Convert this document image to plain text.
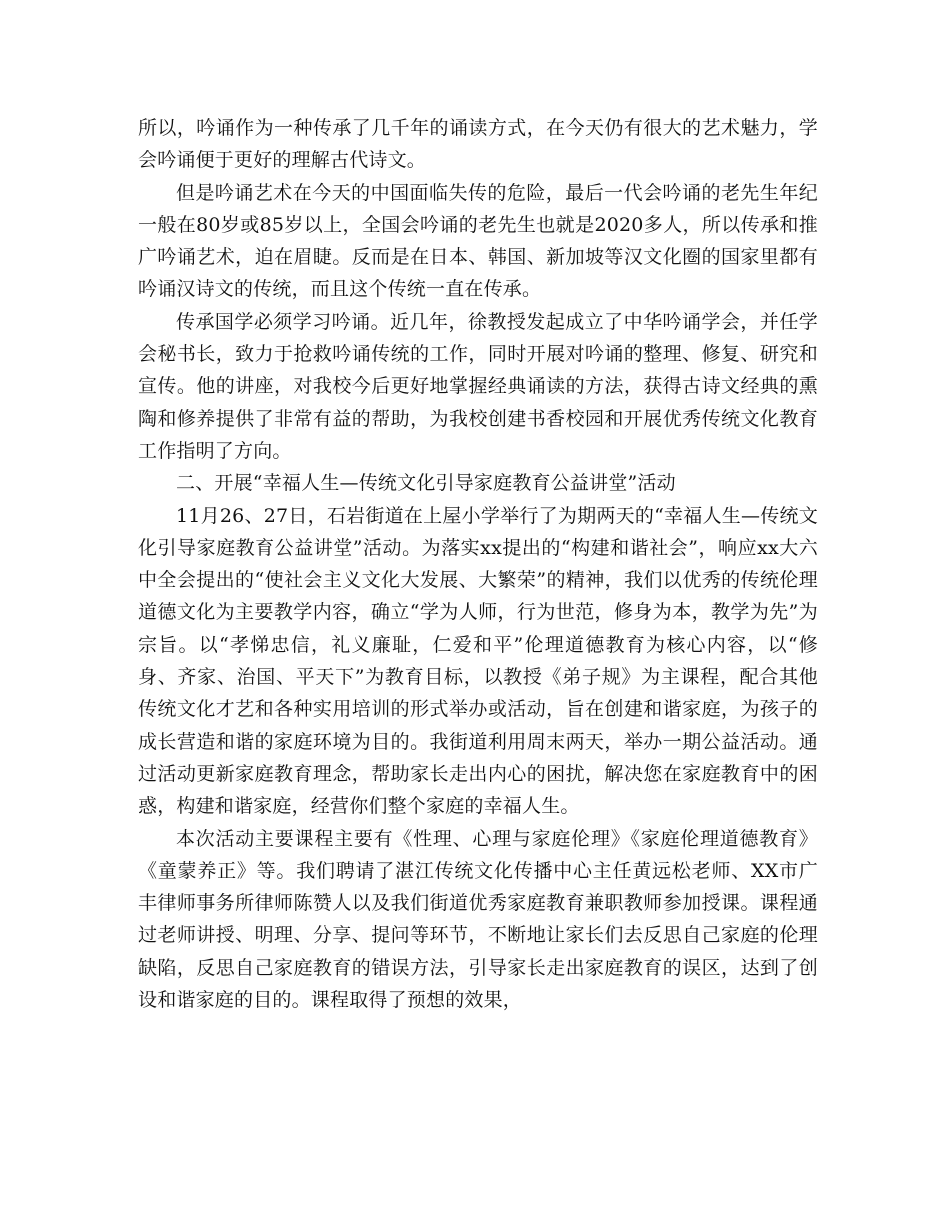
所以，吟诵作为一种传承了几千年的诵读方式，在今天仍有很大的艺术魅力，学会吟诵便于更好的理解古代诗文。

但是吟诵艺术在今天的中国面临失传的危险，最后一代会吟诵的老先生年纪一般在80岁或85岁以上，全国会吟诵的老先生也就是2020多人，所以传承和推广吟诵艺术，迫在眉睫。反而是在日本、韩国、新加坡等汉文化圈的国家里都有吟诵汉诗文的传统，而且这个传统一直在传承。

传承国学必须学习吟诵。近几年，徐教授发起成立了中华吟诵学会，并任学会秘书长，致力于抢救吟诵传统的工作，同时开展对吟诵的整理、修复、研究和宣传。他的讲座，对我校今后更好地掌握经典诵读的方法，获得古诗文经典的熏陶和修养提供了非常有益的帮助，为我校创建书香校园和开展优秀传统文化教育工作指明了方向。

二、开展“幸福人生—传统文化引导家庭教育公益讲堂”活动

11月26、27日，石岩街道在上屋小学举行了为期两天的“幸福人生—传统文化引导家庭教育公益讲堂”活动。为落实xx提出的“构建和谐社会”，响应xx大六中全会提出的“使社会主义文化大发展、大繁荣”的精神，我们以优秀的传统伦理道德文化为主要教学内容，确立“学为人师，行为世范，修身为本，教学为先”为宗旨。以“孝悌忠信，礼义廉耻，仁爱和平”伦理道德教育为核心内容，以“修身、齐家、治国、平天下”为教育目标，以教授《弟子规》为主课程，配合其他传统文化才艺和各种实用培训的形式举办或活动，旨在创建和谐家庭，为孩子的成长营造和谐的家庭环境为目的。我街道利用周末两天，举办一期公益活动。通过活动更新家庭教育理念，帮助家长走出内心的困扰，解决您在家庭教育中的困惑，构建和谐家庭，经营你们整个家庭的幸福人生。

本次活动主要课程主要有《性理、心理与家庭伦理》《家庭伦理道德教育》《童蒙养正》等。我们聘请了湛江传统文化传播中心主任黄远松老师、XX市广丰律师事务所律师陈赞人以及我们街道优秀家庭教育兼职教师参加授课。课程通过老师讲授、明理、分享、提问等环节，不断地让家长们去反思自己家庭的伦理缺陷，反思自己家庭教育的错误方法，引导家长走出家庭教育的误区，达到了创设和谐家庭的目的。课程取得了预想的效果，
